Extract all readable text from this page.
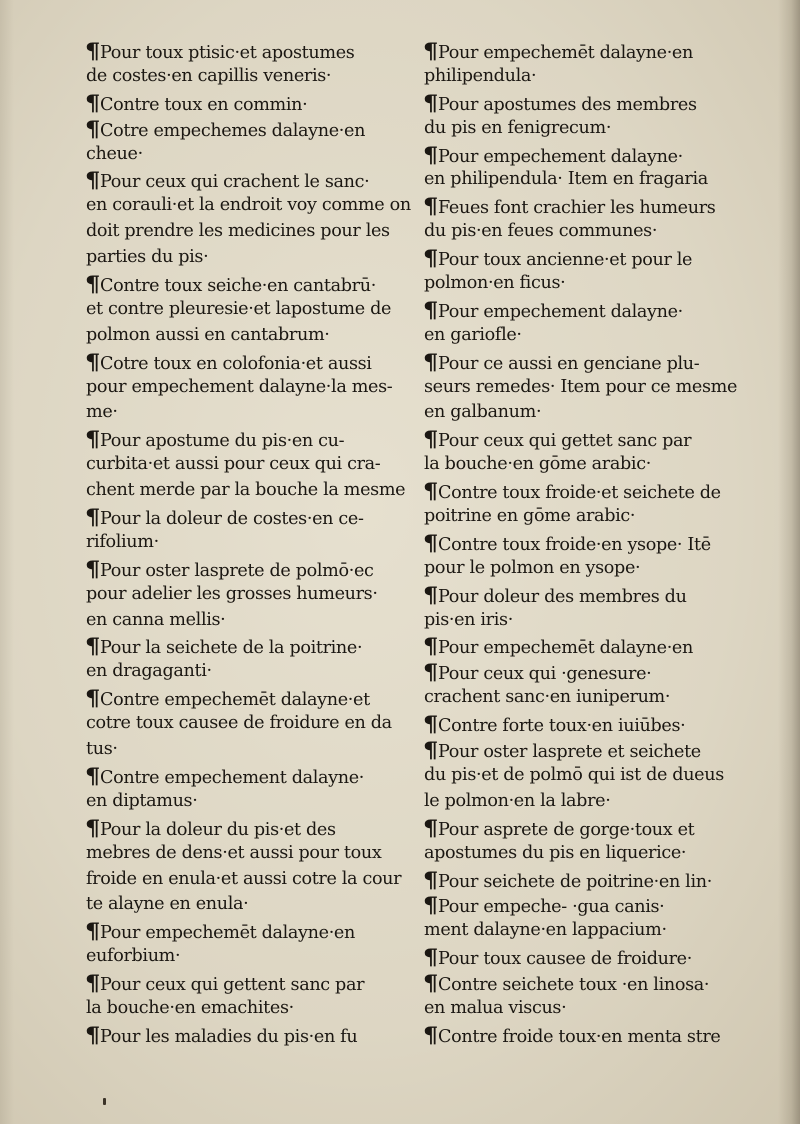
¶Pour toux ptisic·et apostumes
de costes·en capillis veneris·
¶Contre toux en commin·
¶Cotre empechemes dalayne·en
cheue·
¶Pour ceux qui crachent le sanc·
en corauli·et la endroit voy comme on
doit prendre les medicines pour les
parties du pis·
¶Contre toux seiche·en cantabrū·
et contre pleuresie·et lapostume de
polmon aussi en cantabrum·
¶Cotre toux en colofonia·et aussi
pour empechement dalayne·la mes-
me·
¶Pour apostume du pis·en cu-
curbita·et aussi pour ceux qui cra-
chent merde par la bouche la mesme
¶Pour la doleur de costes·en ce-
rifolium·
¶Pour oster lasprete de polmō·ec
pour adelier les grosses humeurs·
en canna mellis·
¶Pour la seichete de la poitrine·
en dragaganti·
¶Contre empechemēt dalayne·et
cotre toux causee de froidure en da
tus·
¶Contre empechement dalayne·
en diptamus·
¶Pour la doleur du pis·et des
mebres de dens·et aussi pour toux
froide en enula·et aussi cotre la cour
te alayne en enula·
¶Pour empechemēt dalayne·en
euforbium·
¶Pour ceux qui gettent sanc par
la bouche·en emachites·
¶Pour les maladies du pis·en fu
¶Pour empechemēt dalayne·en
philipendula·
¶Pour apostumes des membres
du pis en fenigrecum·
¶Pour empechement dalayne·
en philipendula· Item en fragaria
¶Feues font crachier les humeurs
du pis·en feues communes·
¶Pour toux ancienne·et pour le
polmon·en ficus·
¶Pour empechement dalayne·
en gariofle·
¶Pour ce aussi en genciane plu-
seurs remedes· Item pour ce mesme
en galbanum·
¶Pour ceux qui gettet sanc par
la bouche·en gōme arabic·
¶Contre toux froide·et seichete de
poitrine en gōme arabic·
¶Contre toux froide·en ysope· Itē
pour le polmon en ysope·
¶Pour doleur des membres du
pis·en iris·
¶Pour empechemēt dalayne·en
¶Pour ceux qui ·genesure·
crachent sanc·en iuniperum·
¶Contre forte toux·en iuiūbes·
¶Pour oster lasprete et seichete
du pis·et de polmō qui ist de dueus
le polmon·en la labre·
¶Pour asprete de gorge·toux et
apostumes du pis en liquerice·
¶Pour seichete de poitrine·en lin·
¶Pour empeche- ·gua canis·
ment dalayne·en lappacium·
¶Pour toux causee de froidure·
¶Contre seichete toux ·en linosa·
en malua viscus·
¶Contre froide toux·en menta stre
